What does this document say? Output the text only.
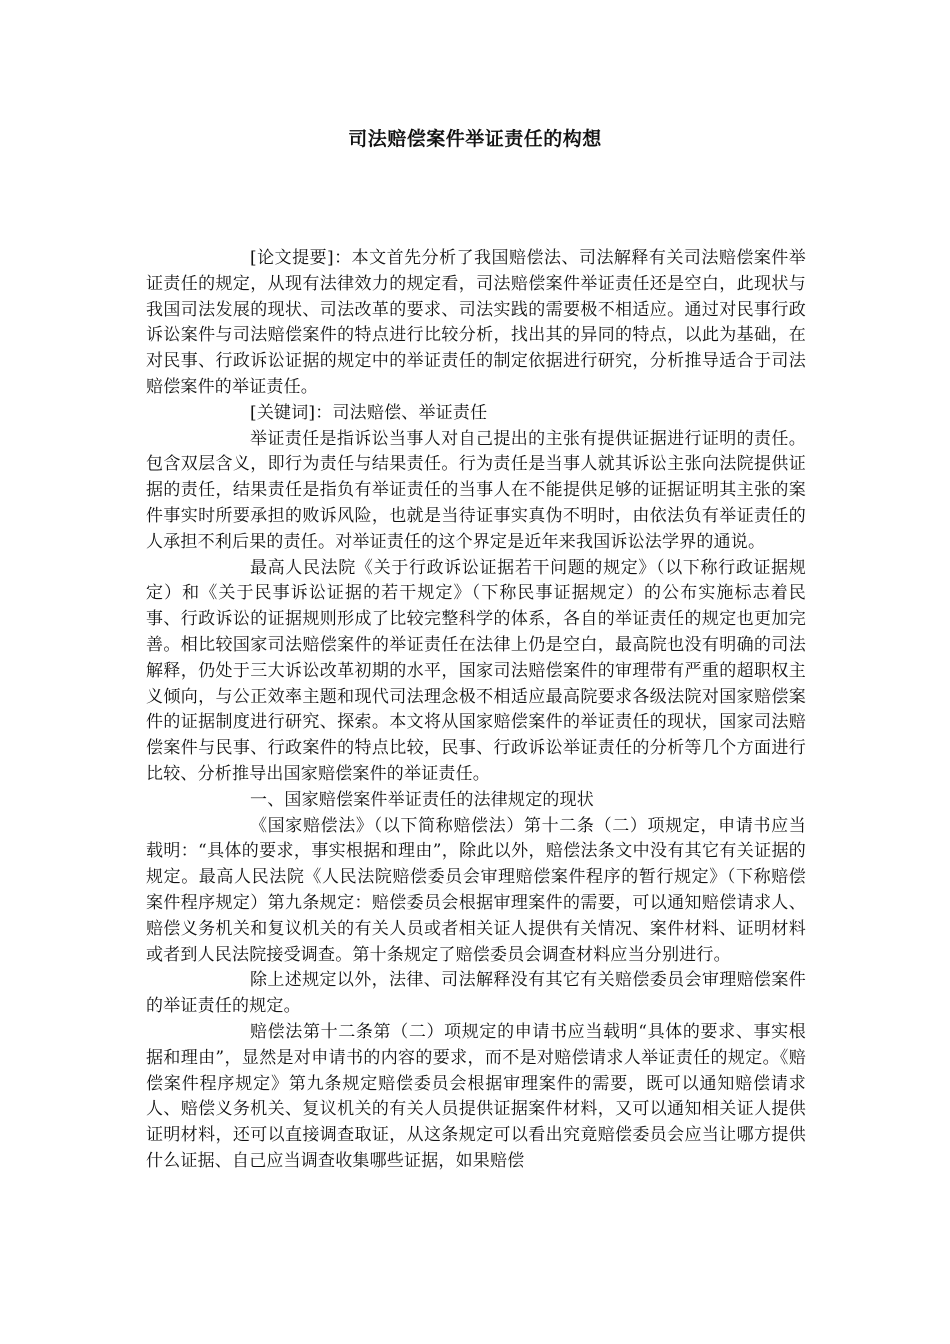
司法赔偿案件举证责任的构想

[论文提要]：本文首先分析了我国赔偿法、司法解释有关司法赔偿案件举证责任的规定，从现有法律效力的规定看，司法赔偿案件举证责任还是空白，此现状与我国司法发展的现状、司法改革的要求、司法实践的需要极不相适应。通过对民事行政诉讼案件与司法赔偿案件的特点进行比较分析，找出其的异同的特点，以此为基础，在对民事、行政诉讼证据的规定中的举证责任的制定依据进行研究，分析推导适合于司法赔偿案件的举证责任。

[关键词]：司法赔偿、举证责任

举证责任是指诉讼当事人对自己提出的主张有提供证据进行证明的责任。包含双层含义，即行为责任与结果责任。行为责任是当事人就其诉讼主张向法院提供证据的责任，结果责任是指负有举证责任的当事人在不能提供足够的证据证明其主张的案件事实时所要承担的败诉风险，也就是当待证事实真伪不明时，由依法负有举证责任的人承担不利后果的责任。对举证责任的这个界定是近年来我国诉讼法学界的通说。

最高人民法院《关于行政诉讼证据若干问题的规定》（以下称行政证据规定）和《关于民事诉讼证据的若干规定》（下称民事证据规定）的公布实施标志着民事、行政诉讼的证据规则形成了比较完整科学的体系，各自的举证责任的规定也更加完善。相比较国家司法赔偿案件的举证责任在法律上仍是空白，最高院也没有明确的司法解释，仍处于三大诉讼改革初期的水平，国家司法赔偿案件的审理带有严重的超职权主义倾向，与公正效率主题和现代司法理念极不相适应最高院要求各级法院对国家赔偿案件的证据制度进行研究、探索。本文将从国家赔偿案件的举证责任的现状，国家司法赔偿案件与民事、行政案件的特点比较，民事、行政诉讼举证责任的分析等几个方面进行比较、分析推导出国家赔偿案件的举证责任。

一、国家赔偿案件举证责任的法律规定的现状

《国家赔偿法》（以下简称赔偿法）第十二条（二）项规定，申请书应当载明：“具体的要求，事实根据和理由”，除此以外，赔偿法条文中没有其它有关证据的规定。最高人民法院《人民法院赔偿委员会审理赔偿案件程序的暂行规定》（下称赔偿案件程序规定）第九条规定：赔偿委员会根据审理案件的需要，可以通知赔偿请求人、赔偿义务机关和复议机关的有关人员或者相关证人提供有关情况、案件材料、证明材料或者到人民法院接受调查。第十条规定了赔偿委员会调查材料应当分别进行。

除上述规定以外，法律、司法解释没有其它有关赔偿委员会审理赔偿案件的举证责任的规定。

赔偿法第十二条第（二）项规定的申请书应当载明“具体的要求、事实根据和理由”，显然是对申请书的内容的要求，而不是对赔偿请求人举证责任的规定。《赔偿案件程序规定》第九条规定赔偿委员会根据审理案件的需要，既可以通知赔偿请求人、赔偿义务机关、复议机关的有关人员提供证据案件材料，又可以通知相关证人提供证明材料，还可以直接调查取证，从这条规定可以看出究竟赔偿委员会应当让哪方提供什么证据、自己应当调查收集哪些证据，如果赔偿
